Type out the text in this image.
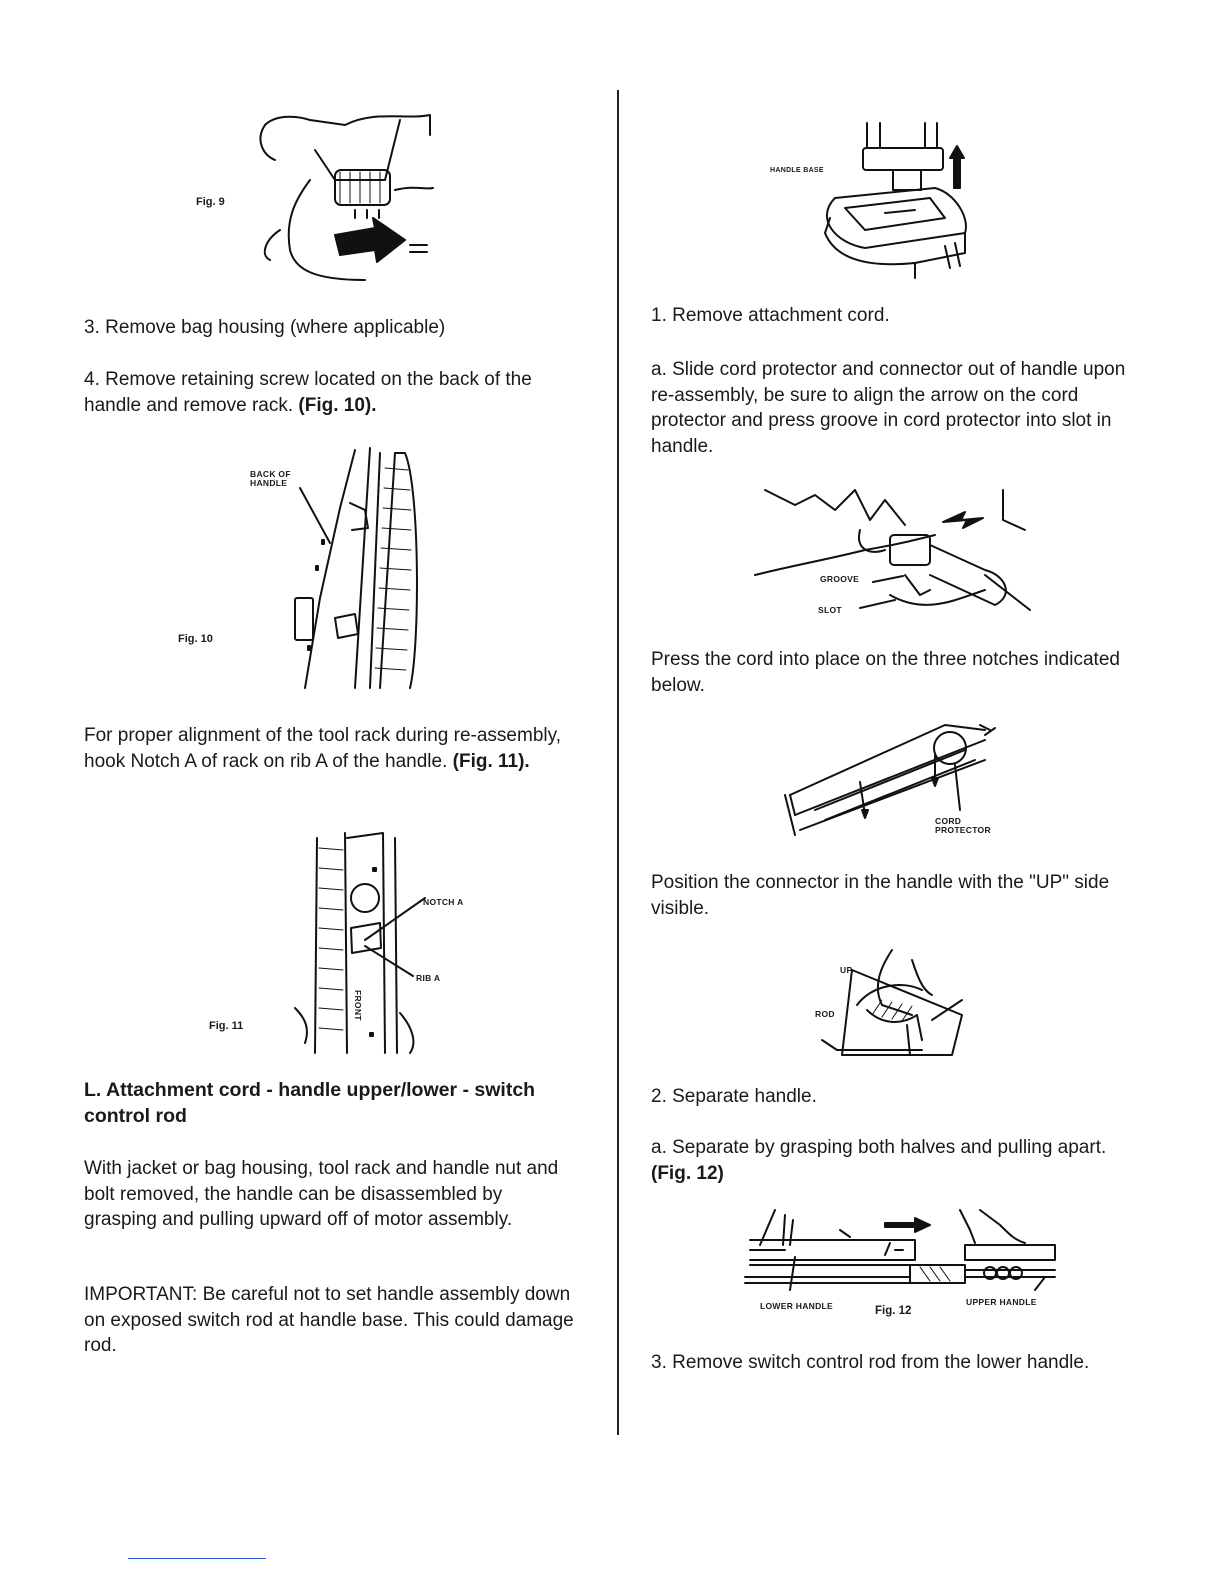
Fig. 9

3. Remove bag housing (where applicable)

4. Remove retaining screw located on the back of the handle and remove rack. (Fig. 10).

BACK OF HANDLE
Fig. 10

For proper alignment of the tool rack during re-assembly, hook Notch A of rack on rib A of the handle. (Fig. 11).

NOTCH A
RIB A
FRONT
Fig. 11
L. Attachment cord - handle upper/lower - switch control rod

With jacket or bag housing, tool rack and handle nut and bolt removed, the handle can be disassembled by grasping and pulling upward off of motor assembly.

IMPORTANT: Be careful not to set handle assembly down on exposed switch rod at handle base. This could damage rod.

HANDLE BASE

1. Remove attachment cord.

a. Slide cord protector and connector out of handle upon re-assembly, be sure to align the arrow on the cord protector and press groove in cord protector into slot in handle.

GROOVE
SLOT

Press the cord into place on the three notches indicated below.

CORD PROTECTOR

Position the connector in the handle with the "UP" side visible.

UP
ROD

2. Separate handle.

a. Separate by grasping both halves and pulling apart. (Fig. 12)

LOWER HANDLE	Fig. 12
UPPER HANDLE

3. Remove switch control rod from the lower handle.
